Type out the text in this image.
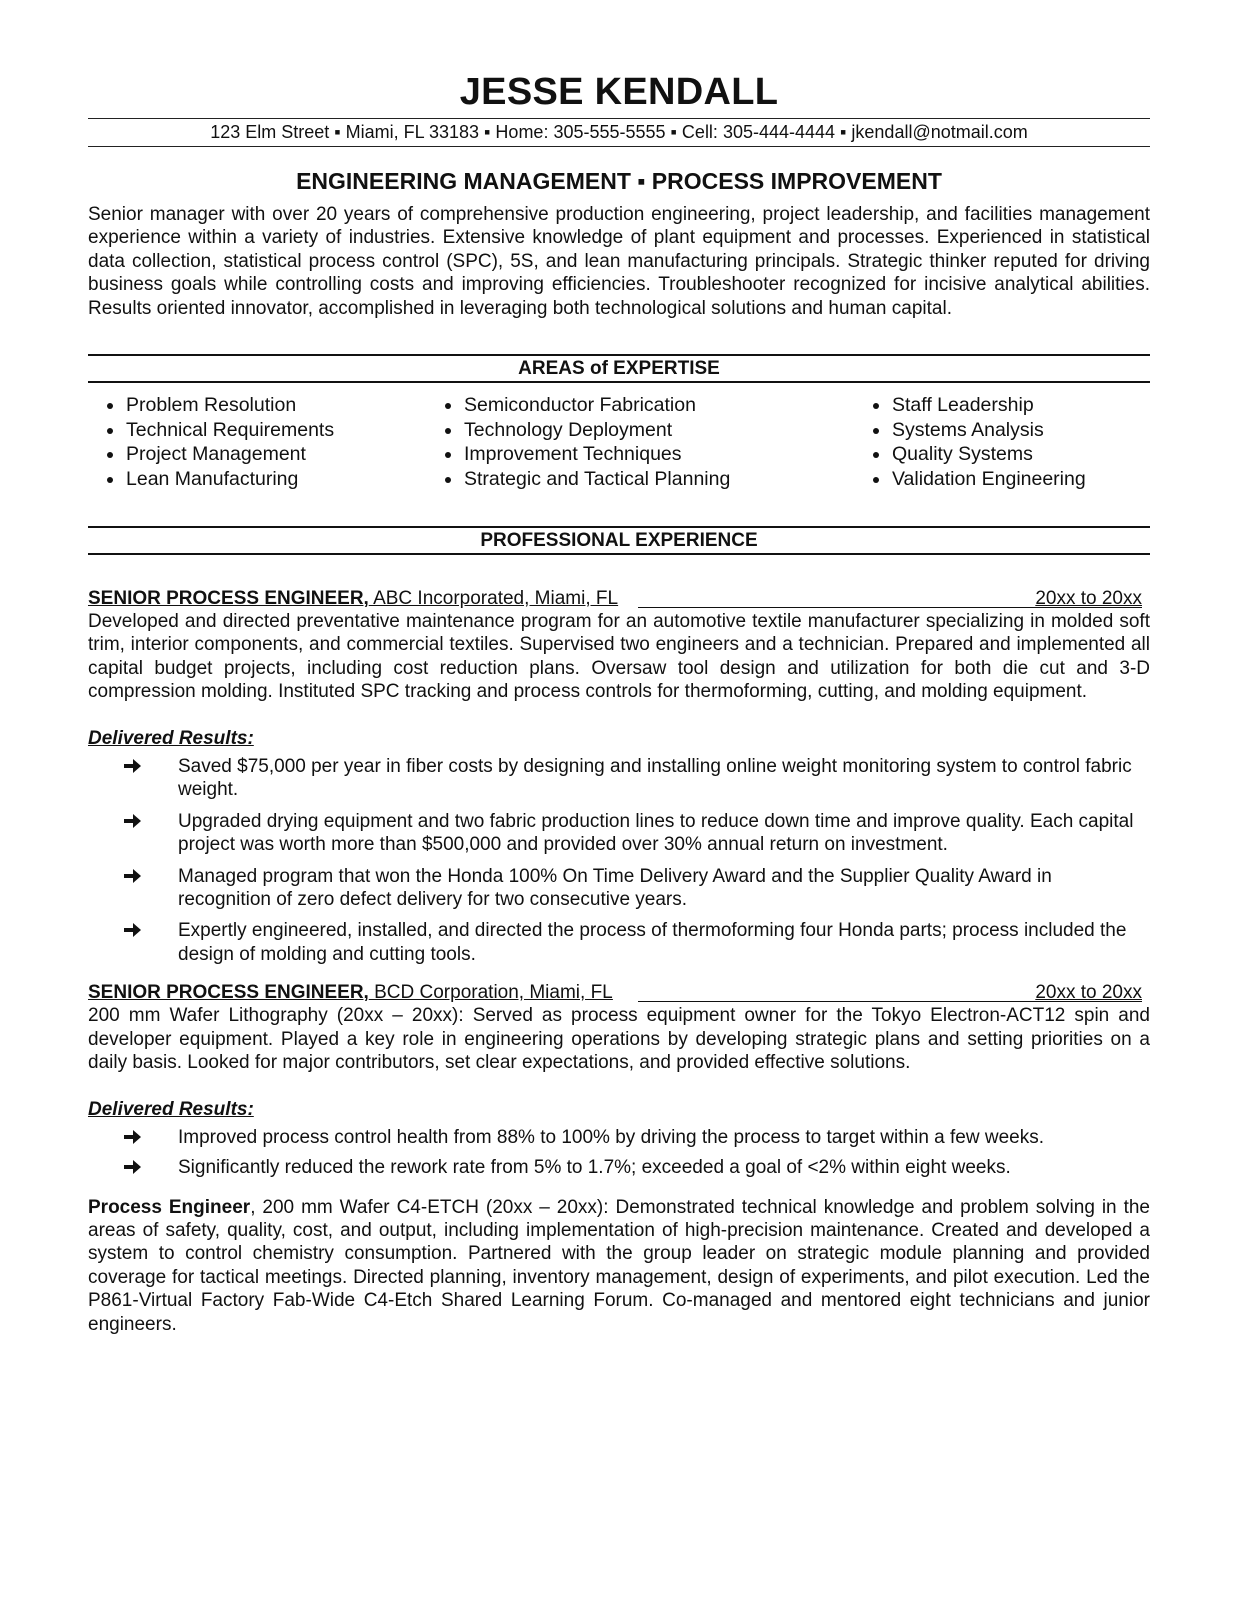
JESSE KENDALL
123 Elm Street ▪ Miami, FL 33183 ▪ Home: 305-555-5555 ▪ Cell: 305-444-4444 ▪ jkendall@notmail.com
ENGINEERING MANAGEMENT ▪ PROCESS IMPROVEMENT

Senior manager with over 20 years of comprehensive production engineering, project leadership, and facilities management experience within a variety of industries. Extensive knowledge of plant equipment and processes. Experienced in statistical data collection, statistical process control (SPC), 5S, and lean manufacturing principals. Strategic thinker reputed for driving business goals while controlling costs and improving efficiencies. Troubleshooter recognized for incisive analytical abilities. Results oriented innovator, accomplished in leveraging both technological solutions and human capital.

AREAS of EXPERTISE
Problem Resolution
Technical Requirements
Project Management
Lean Manufacturing
Semiconductor Fabrication
Technology Deployment
Improvement Techniques
Strategic and Tactical Planning
Staff Leadership
Systems Analysis
Quality Systems
Validation Engineering
PROFESSIONAL EXPERIENCE
SENIOR PROCESS ENGINEER, ABC Incorporated, Miami, FL	20xx to 20xx

Developed and directed preventative maintenance program for an automotive textile manufacturer specializing in molded soft trim, interior components, and commercial textiles. Supervised two engineers and a technician. Prepared and implemented all capital budget projects, including cost reduction plans. Oversaw tool design and utilization for both die cut and 3-D compression molding. Instituted SPC tracking and process controls for thermoforming, cutting, and molding equipment.

Delivered Results:
Saved $75,000 per year in fiber costs by designing and installing online weight monitoring system to control fabric weight.
Upgraded drying equipment and two fabric production lines to reduce down time and improve quality. Each capital project was worth more than $500,000 and provided over 30% annual return on investment.
Managed program that won the Honda 100% On Time Delivery Award and the Supplier Quality Award in recognition of zero defect delivery for two consecutive years.
Expertly engineered, installed, and directed the process of thermoforming four Honda parts; process included the design of molding and cutting tools.
SENIOR PROCESS ENGINEER, BCD Corporation, Miami, FL	20xx to 20xx

200 mm Wafer Lithography (20xx – 20xx): Served as process equipment owner for the Tokyo Electron-ACT12 spin and developer equipment. Played a key role in engineering operations by developing strategic plans and setting priorities on a daily basis. Looked for major contributors, set clear expectations, and provided effective solutions.

Delivered Results:
Improved process control health from 88% to 100% by driving the process to target within a few weeks.
Significantly reduced the rework rate from 5% to 1.7%; exceeded a goal of <2% within eight weeks.

Process Engineer, 200 mm Wafer C4-ETCH (20xx – 20xx): Demonstrated technical knowledge and problem solving in the areas of safety, quality, cost, and output, including implementation of high-precision maintenance. Created and developed a system to control chemistry consumption. Partnered with the group leader on strategic module planning and provided coverage for tactical meetings. Directed planning, inventory management, design of experiments, and pilot execution. Led the P861-Virtual Factory Fab-Wide C4-Etch Shared Learning Forum. Co-managed and mentored eight technicians and junior engineers.
